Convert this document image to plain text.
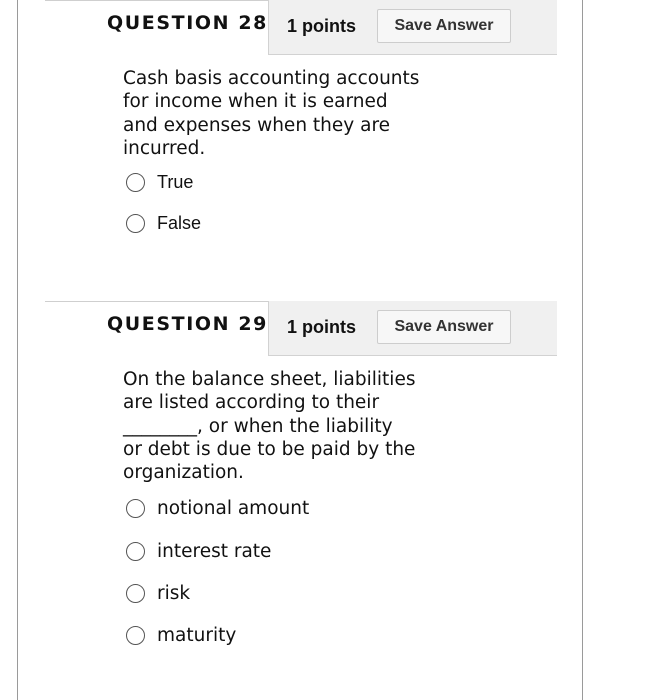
QUESTION 28 1 points	Save Answer

Cash basis accounting accounts
for income when it is earned
and expenses when they are
incurred.

True
False
QUESTION 29 1 points	Save Answer

On the balance sheet, liabilities
are listed according to their
________, or when the liability
or debt is due to be paid by the
organization.

notional amount
interest rate
risk
maturity
